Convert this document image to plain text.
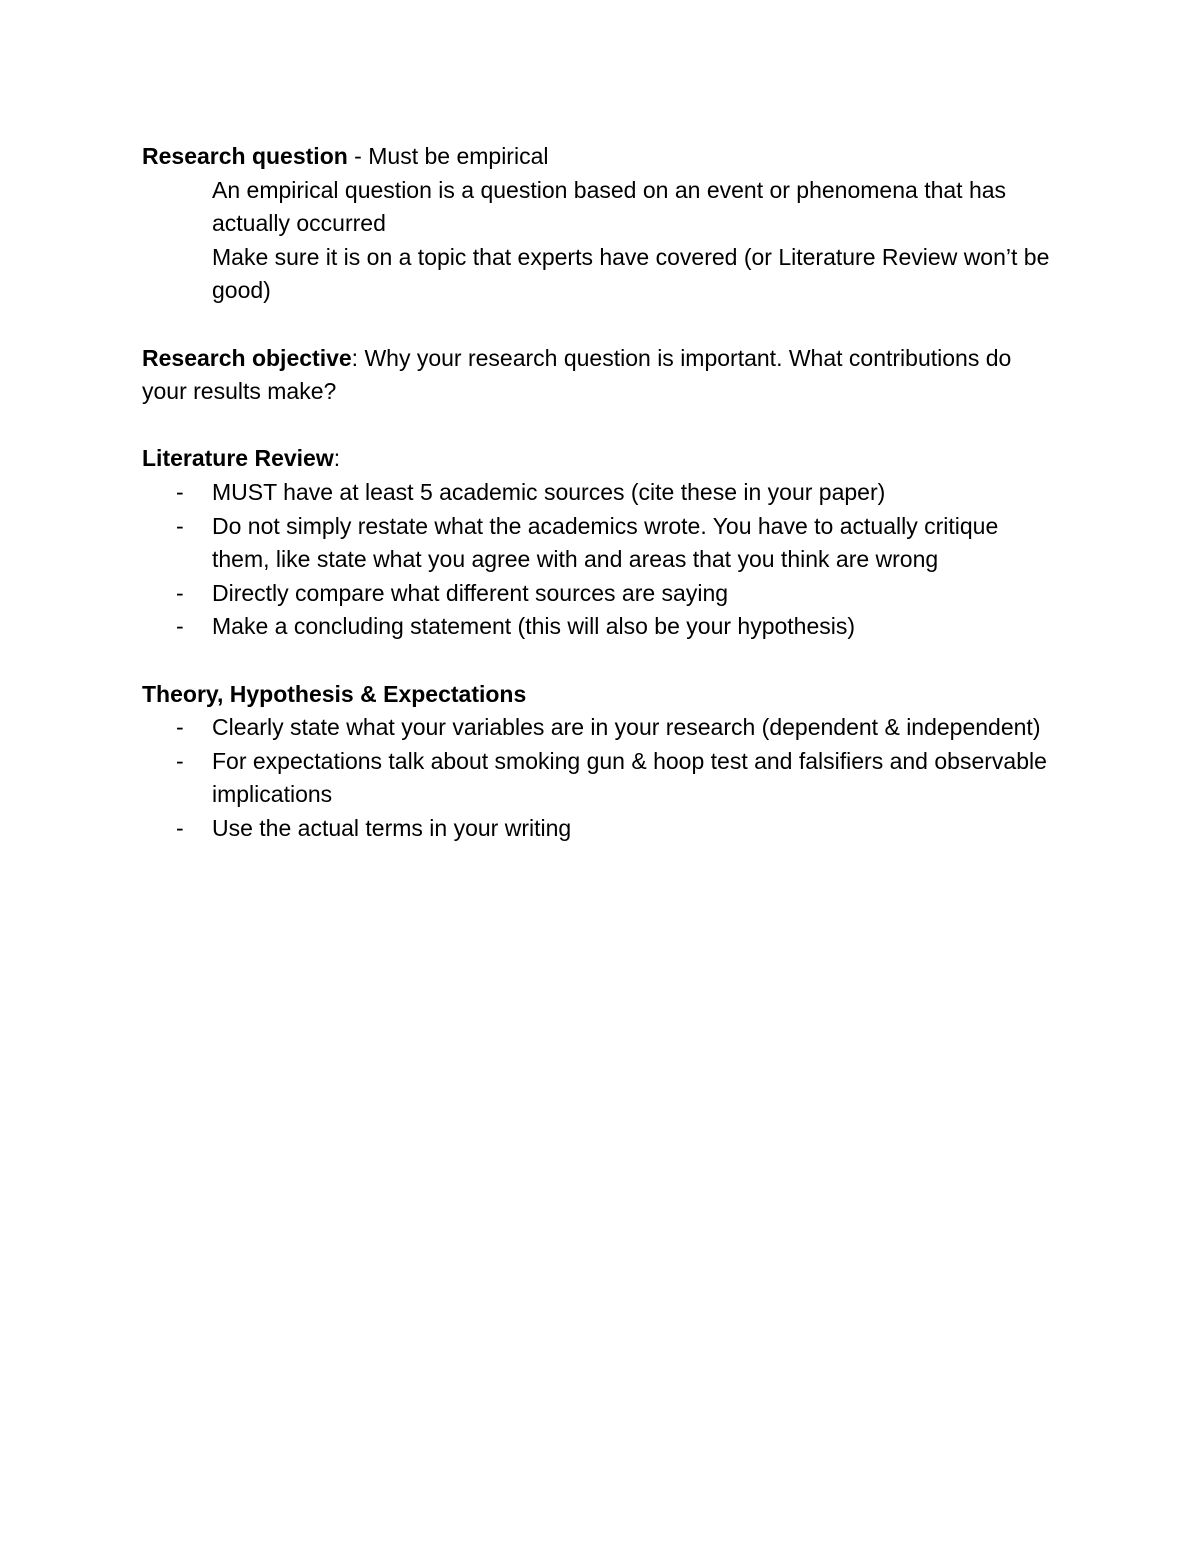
Research question - Must be empirical

An empirical question is a question based on an event or phenomena that has actually occurred

Make sure it is on a topic that experts have covered (or Literature Review won’t be good)

Research objective: Why your research question is important. What contributions do your results make?

Literature Review:

- MUST have at least 5 academic sources (cite these in your paper)
- Do not simply restate what the academics wrote. You have to actually critique them, like state what you agree with and areas that you think are wrong
- Directly compare what different sources are saying
- Make a concluding statement (this will also be your hypothesis)

Theory, Hypothesis & Expectations

- Clearly state what your variables are in your research (dependent & independent)
- For expectations talk about smoking gun & hoop test and falsifiers and observable implications
- Use the actual terms in your writing
